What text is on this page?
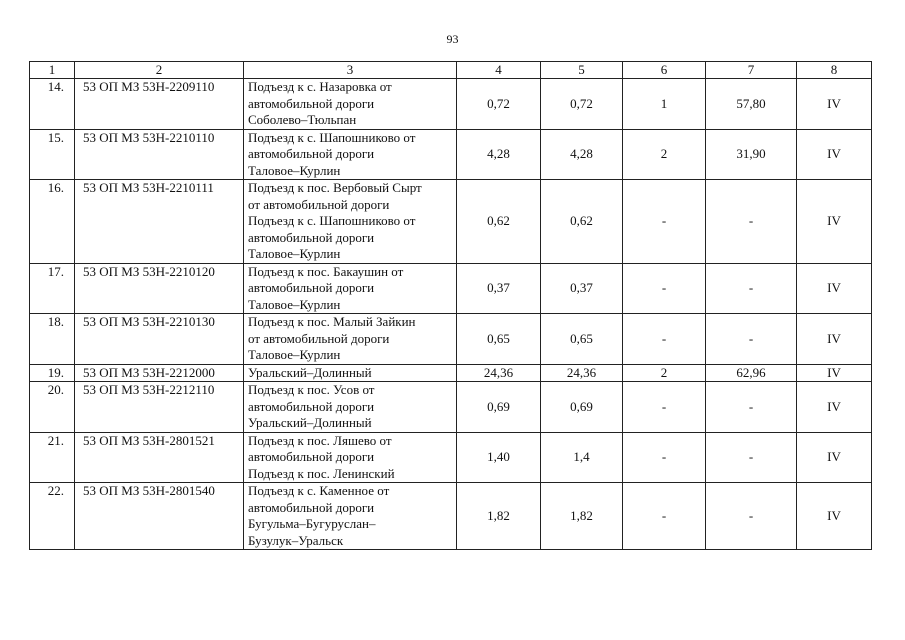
93
1	2	3	4	5	6	7	8
14.	53 ОП МЗ 53Н-2209110	Подъезд к с. Назаровка от
автомобильной дороги
Соболево–Тюльпан	0,72	0,72	1	57,80	IV
15.	53 ОП МЗ 53Н-2210110	Подъезд к с. Шапошниково от
автомобильной дороги
Таловое–Курлин	4,28	4,28	2	31,90	IV
16.	53 ОП МЗ 53Н-2210111	Подъезд к пос. Вербовый Сырт
от автомобильной дороги
Подъезд к с. Шапошниково от
автомобильной дороги
Таловое–Курлин	0,62	0,62	-	-	IV
17.	53 ОП МЗ 53Н-2210120	Подъезд к пос. Бакаушин от
автомобильной дороги
Таловое–Курлин	0,37	0,37	-	-	IV
18.	53 ОП МЗ 53Н-2210130	Подъезд к пос. Малый Зайкин
от автомобильной дороги
Таловое–Курлин	0,65	0,65	-	-	IV
19.	53 ОП МЗ 53Н-2212000	Уральский–Долинный	24,36	24,36	2	62,96	IV
20.	53 ОП МЗ 53Н-2212110	Подъезд к пос. Усов от
автомобильной дороги
Уральский–Долинный	0,69	0,69	-	-	IV
21.	53 ОП МЗ 53Н-2801521	Подъезд к пос. Ляшево от
автомобильной дороги
Подъезд к пос. Ленинский	1,40	1,4	-	-	IV
22.	53 ОП МЗ 53Н-2801540	Подъезд к с. Каменное от
автомобильной дороги
Бугульма–Бугуруслан–
Бузулук–Уральск	1,82	1,82	-	-	IV
